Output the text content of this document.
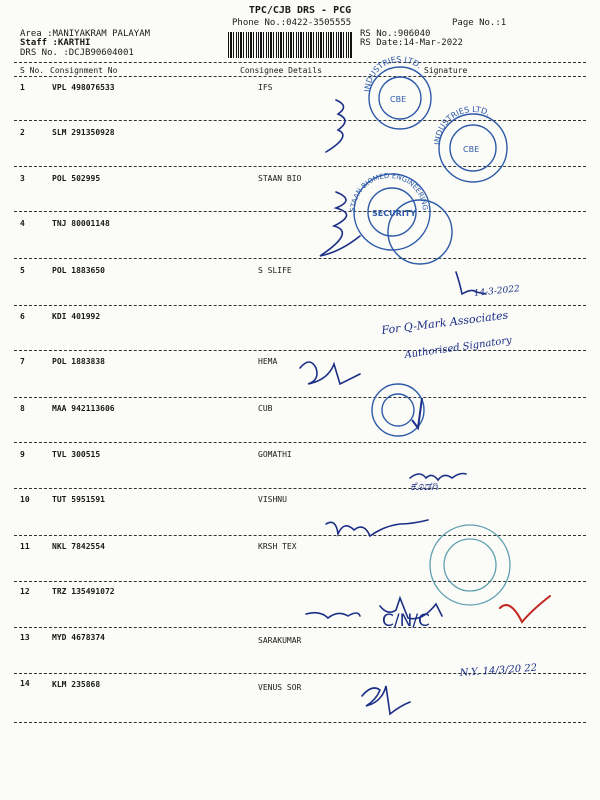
TPC/CJB DRS - PCG
Phone No.:0422-3505555	Page No.:1
Area :MANIYAKRAM PALAYAM
Staff :KARTHI
DRS No. :DCJB90604001
RS No.:906040
RS Date:14-Mar-2022
S No. Consignment No	Consignee Details	Signature
1	VPL 498076533	IFS
2	SLM 291350928
3	POL 502995	STAAN BIO
4	TNJ 80001148
5	POL 1883650	S SLIFE
6	KDI 401992
7	POL 1883838	HEMA
8	MAA 942113606	CUB
9	TVL 300515	GOMATHI
10	TUT 5951591	VISHNU
11	NKL 7842554	KRSH TEX
12	TRZ 135491072
13	MYD 4678374	SARAKUMAR
14	KLM 235868	VENUS SOR
INDUSTRIES LTD.
CBE
INDUSTRIES LTD.
CBE
STAAN BIOMED ENGINEERING
SECURITY
For Q-Mark Associates
Authorised Signatory
14-3-2022
ಕೊಡಗಿ
C/N/C
N.Y. 14/3/20 22
